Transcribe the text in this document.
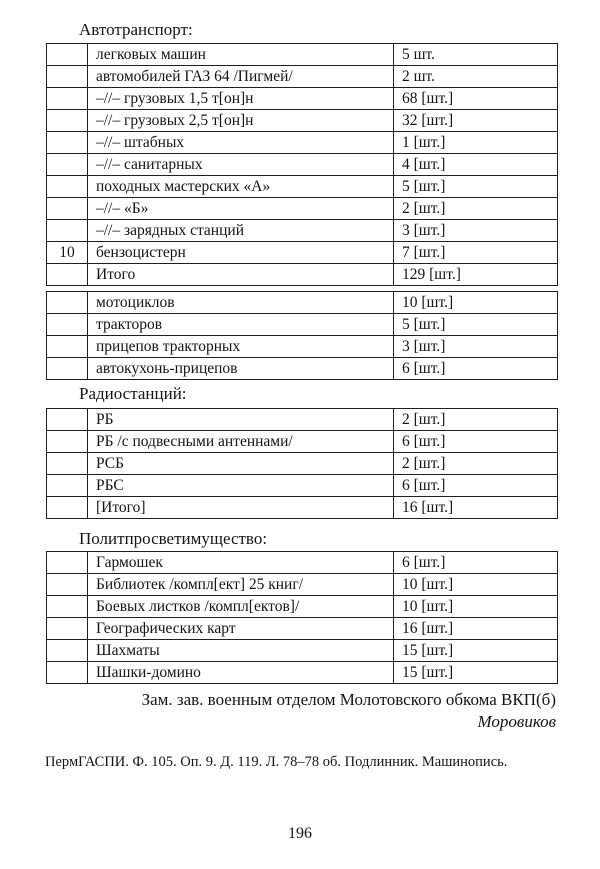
Автотранспорт:
	легковых машин	5 шт.
	автомобилей ГАЗ 64 /Пигмей/	2 шт.
	–//– грузовых 1,5 т[он]н	68 [шт.]
	–//– грузовых 2,5 т[он]н	32 [шт.]
	–//– штабных	1 [шт.]
	–//– санитарных	4 [шт.]
	походных мастерских «А»	5 [шт.]
	–//– «Б»	2 [шт.]
	–//– зарядных станций	3 [шт.]
10	бензоцистерн	7 [шт.]
	Итого	129 [шт.]
	мотоциклов	10 [шт.]
	тракторов	5 [шт.]
	прицепов тракторных	3 [шт.]
	автокухонь-прицепов	6 [шт.]
Радиостанций:
	РБ	2 [шт.]
	РБ /с подвесными антеннами/	6 [шт.]
	РСБ	2 [шт.]
	РБС	6 [шт.]
	[Итого]	16 [шт.]
Политпросветимущество:
	Гармошек	6 [шт.]
	Библиотек /компл[ект] 25 книг/	10 [шт.]
	Боевых листков /компл[ектов]/	10 [шт.]
	Географических карт	16 [шт.]
	Шахматы	15 [шт.]
	Шашки-домино	15 [шт.]
Зам. зав. военным отделом Молотовского обкома ВКП(б)
Моровиков
ПермГАСПИ. Ф. 105. Оп. 9. Д. 119. Л. 78–78 об. Подлинник. Машинопись.
196
